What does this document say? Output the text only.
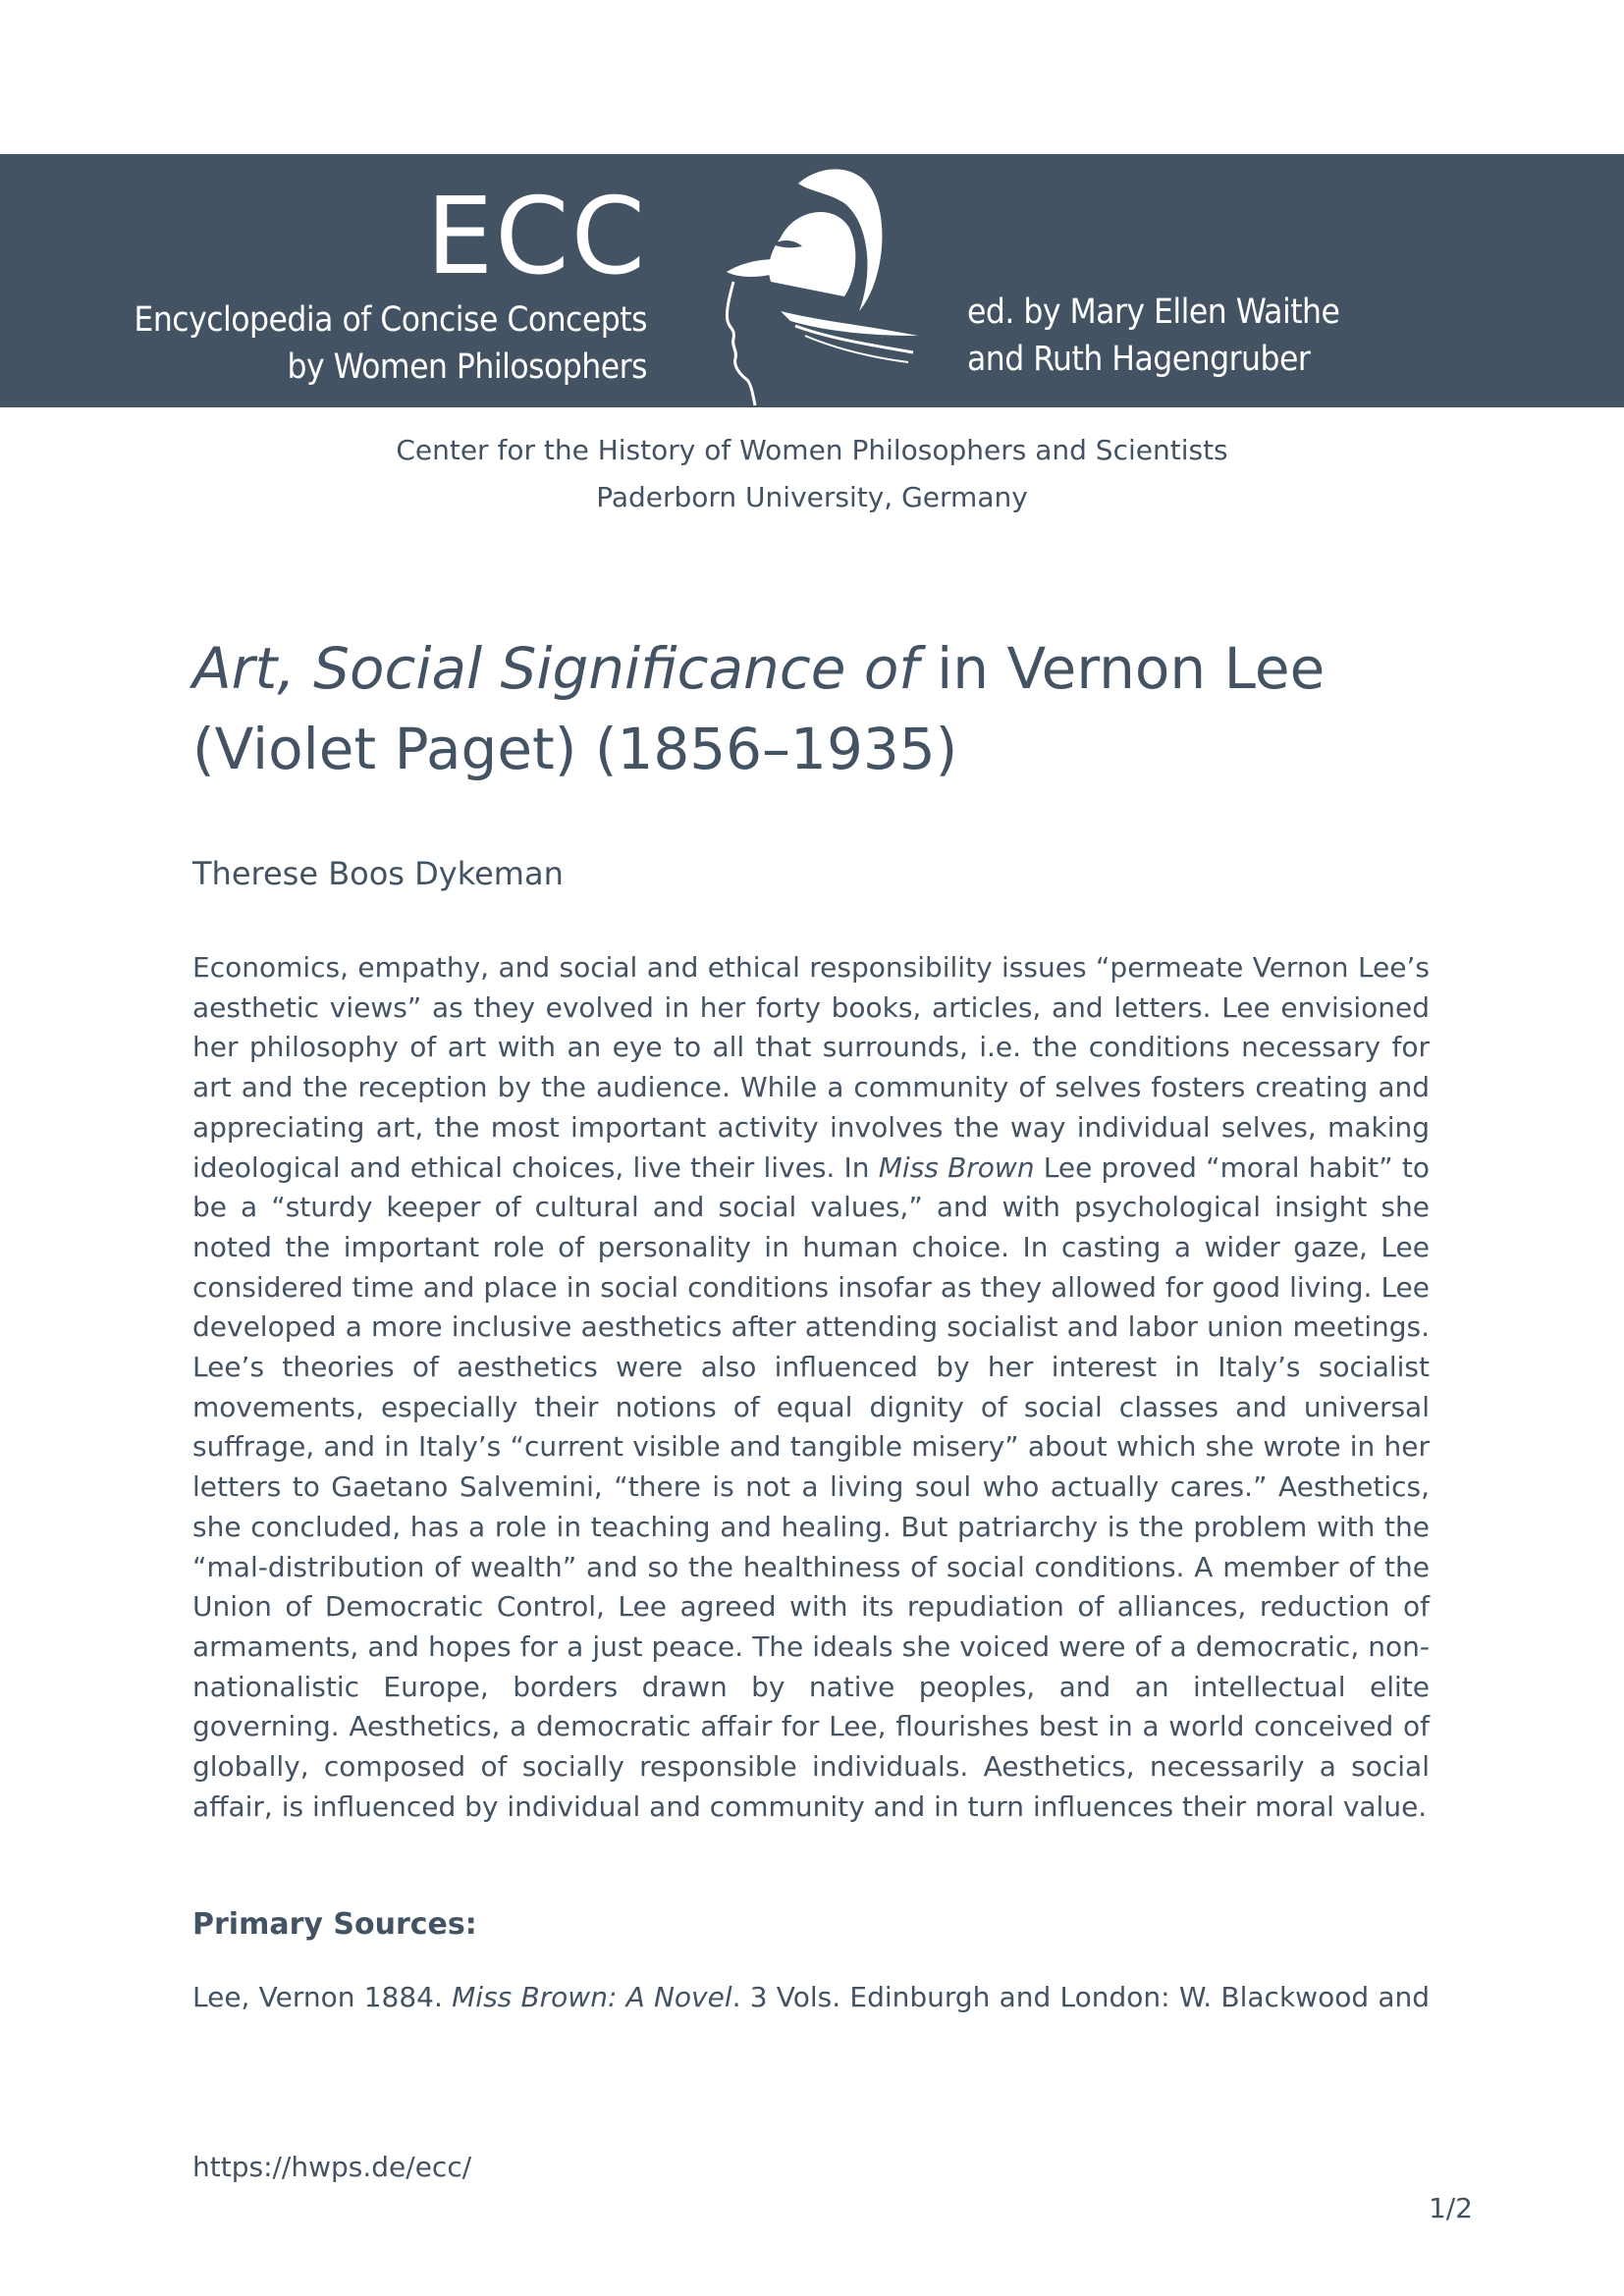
ECC
Encyclopedia of Concise Concepts
by Women Philosophers
ed. by Mary Ellen Waithe
and Ruth Hagengruber
Center for the History of Women Philosophers and Scientists
Paderborn University, Germany
Art, Social Significance of in Vernon Lee (Violet Paget) (1856–1935)
Therese Boos Dykeman

Economics, empathy, and social and ethical responsibility issues “permeate Vernon Lee’s aesthetic views” as they evolved in her forty books, articles, and letters. Lee envisioned her philosophy of art with an eye to all that surrounds, i.e. the conditions necessary for art and the reception by the audience. While a community of selves fosters creating and appreciating art, the most important activity involves the way individual selves, making ideological and ethical choices, live their lives. In Miss Brown Lee proved “moral habit” to be a “sturdy keeper of cultural and social values,” and with psychological insight she noted the important role of personality in human choice. In casting a wider gaze, Lee considered time and place in social conditions insofar as they allowed for good living. Lee developed a more inclusive aesthetics after attending socialist and labor union meetings. Lee’s theories of aesthetics were also influenced by her interest in Italy’s socialist movements, especially their notions of equal dignity of social classes and universal suffrage, and in Italy’s “current visible and tangible misery” about which she wrote in her letters to Gaetano Salvemini, “there is not a living soul who actually cares.” Aesthetics, she concluded, has a role in teaching and healing. But patriarchy is the problem with the “mal-distribution of wealth” and so the healthiness of social conditions. A member of the Union of Democratic Control, Lee agreed with its repudiation of alliances, reduction of armaments, and hopes for a just peace. The ideals she voiced were of a democratic, non-nationalistic Europe, borders drawn by native peoples, and an intellectual elite governing. Aesthetics, a democratic affair for Lee, flourishes best in a world conceived of globally, composed of socially responsible individuals. Aesthetics, necessarily a social affair, is influenced by individual and community and in turn influences their moral value.

Primary Sources:
Lee, Vernon 1884. Miss Brown: A Novel. 3 Vols. Edinburgh and London: W. Blackwood and
https://hwps.de/ecc/
1/2
